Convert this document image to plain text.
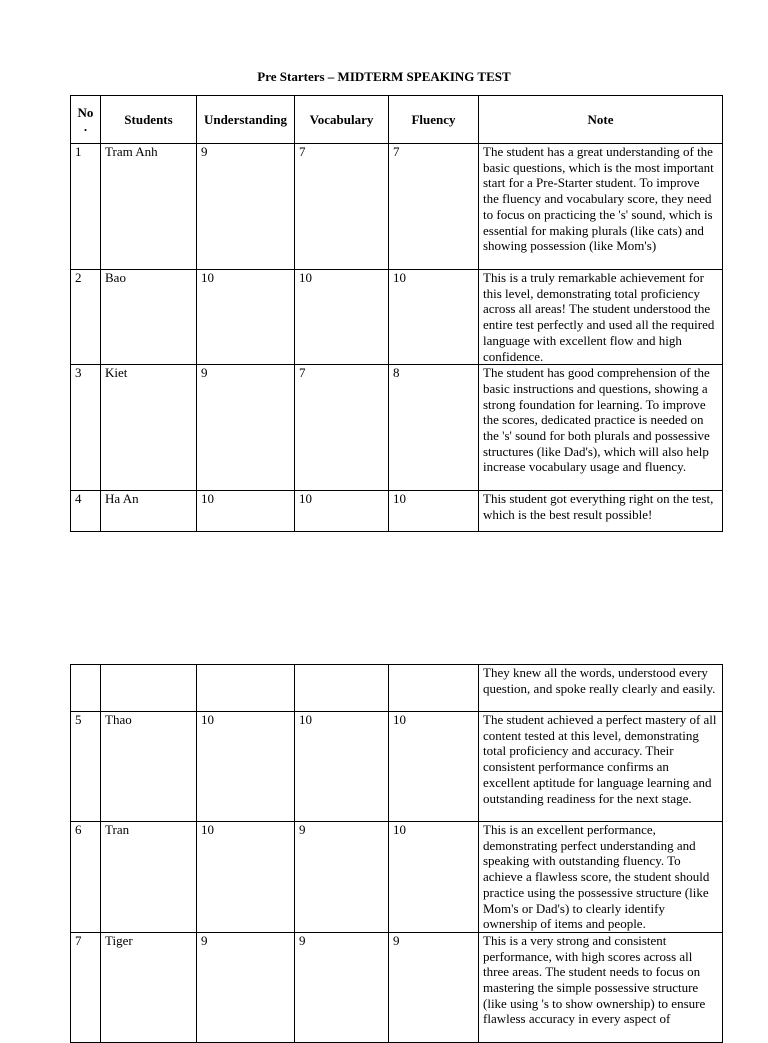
Pre Starters – MIDTERM SPEAKING TEST
No
.	Students	Understanding	Vocabulary	Fluency	Note
1	Tram Anh	9	7	7	The student has a great understanding of the basic questions, which is the most important start for a Pre-Starter student. To improve the fluency and vocabulary score, they need to focus on practicing the 's' sound, which is essential for making plurals (like cats) and showing possession (like Mom's)
2	Bao	10	10	10	This is a truly remarkable achievement for this level, demonstrating total proficiency across all areas! The student understood the entire test perfectly and used all the required language with excellent flow and high confidence.
3	Kiet	9	7	8	The student has good comprehension of the basic instructions and questions, showing a strong foundation for learning. To improve the scores, dedicated practice is needed on the 's' sound for both plurals and possessive structures (like Dad's), which will also help increase vocabulary usage and fluency.
4	Ha An	10	10	10	This student got everything right on the test, which is the best result possible!
					They knew all the words, understood every question, and spoke really clearly and easily.
5	Thao	10	10	10	The student achieved a perfect mastery of all content tested at this level, demonstrating total proficiency and accuracy. Their consistent performance confirms an excellent aptitude for language learning and outstanding readiness for the next stage.
6	Tran	10	9	10	This is an excellent performance, demonstrating perfect understanding and speaking with outstanding fluency. To achieve a flawless score, the student should practice using the possessive structure (like Mom's or Dad's) to clearly identify ownership of items and people.
7	Tiger	9	9	9	This is a very strong and consistent performance, with high scores across all three areas. The student needs to focus on mastering the simple possessive structure (like using 's to show ownership) to ensure flawless accuracy in every aspect of
